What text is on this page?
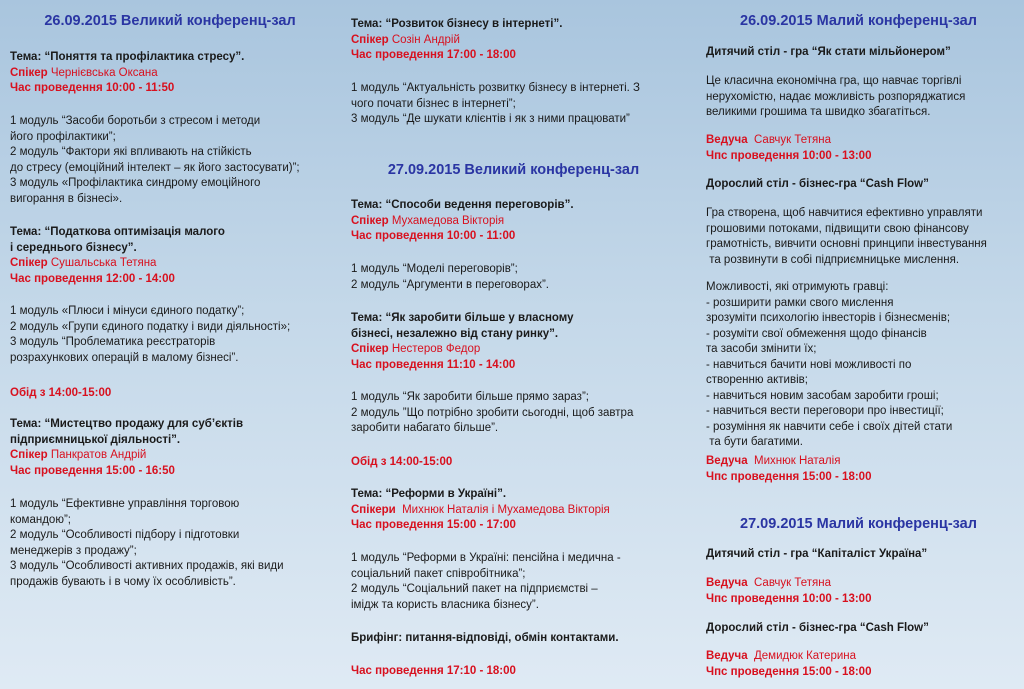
26.09.2015 Великий конференц-зал
Тема: “Поняття та профілактика стресу”.
Спікер Чернієвська Оксана
Час проведення 10:00 - 11:50
1 модуль “Засоби боротьби з стресом і методи
його профілактики”;
2 модуль “Фактори які впливають на стійкість
до стресу (емоційний інтелект – як його застосувати)”;
3 модуль «Профілактика синдрому емоційного
вигорання в бізнесі».
Тема: “Податкова оптимізація малого
і середнього бізнесу”.
Спікер Сушальська Тетяна
Час проведення 12:00 - 14:00
1 модуль «Плюси і мінуси єдиного податку”;
2 модуль «Групи єдиного податку і види діяльності»;
3 модуль “Проблематика реєстраторів
розрахункових операцій в малому бізнесі”.
Обід з 14:00-15:00
Тема: “Мистецтво продажу для суб’єктів
підприємницької діяльності”.
Спікер Панкратов Андрій
Час проведення 15:00 - 16:50
1 модуль “Ефективне управління торговою
командою”;
2 модуль “Особливості підбору і підготовки
менеджерів з продажу”;
3 модуль “Особливості активних продажів, які види
продажів бувають і в чому їх особливість”.
Тема: “Розвиток бізнесу в інтернеті”.
Спікер Созін Андрій
Час проведення 17:00 - 18:00
1 модуль “Актуальність розвитку бізнесу в інтернеті. З
чого почати бізнес в інтернеті”;
3 модуль “Де шукати клієнтів і як з ними працювати”
27.09.2015 Великий конференц-зал
Тема: “Способи ведення переговорів”.
Спікер Мухамедова Вікторія
Час проведення 10:00 - 11:00
1 модуль “Моделі переговорів”;
2 модуль “Аргументи в переговорах”.
Тема: “Як заробити більше у власному
бізнесі, незалежно від стану ринку”.
Спікер Нестеров Федор
Час проведення 11:10 - 14:00
1 модуль “Як заробити більше прямо зараз”;
2 модуль ”Що потрібно зробити сьогодні, щоб завтра
заробити набагато більше”.
Обід з 14:00-15:00
Тема: “Реформи в Україні”.
Спікери Михнюк Наталія і Мухамедова Вікторія
Час проведення 15:00 - 17:00
1 модуль “Реформи в Україні: пенсійна і медична -
соціальний пакет співробітника”;
2 модуль “Соціальний пакет на підприємстві –
імідж та користь власника бізнесу”.
Брифінг: питання-відповіді, обмін контактами.
Час проведення 17:10 - 18:00
26.09.2015 Малий конференц-зал
Дитячий стіл - гра “Як стати мільйонером”
Це класична економічна гра, що навчає торгівлі
нерухомістю, надає можливість розпоряджатися
великими грошима та швидко збагатіться.
Ведуча Савчук Тетяна
Чпс проведення 10:00 - 13:00
Дорослий стіл - бізнес-гра “Cash Flow”
Гра створена, щоб навчитися ефективно управляти
грошовими потоками, підвищити свою фінансову
грамотність, вивчити основні принципи інвестування
та розвинути в собі підприємницьке мислення.
Можливості, які отримують гравці:
- розширити рамки свого мислення
зрозуміти психологію інвесторів і бізнесменів;
- розуміти свої обмеження щодо фінансів
та засоби змінити їх;
- навчиться бачити нові можливості по
створенню активів;
- навчиться новим засобам заробити гроші;
- навчиться вести переговори про інвестиції;
- розуміння як навчити себе і своїх дітей стати
та бути багатими.
Ведуча Михнюк Наталія
Чпс проведення 15:00 - 18:00
27.09.2015 Малий конференц-зал
Дитячий стіл - гра “Капіталіст Україна”
Ведуча Савчук Тетяна
Чпс проведення 10:00 - 13:00
Дорослий стіл - бізнес-гра “Cash Flow”
Ведуча Демидюк Катерина
Чпс проведення 15:00 - 18:00
